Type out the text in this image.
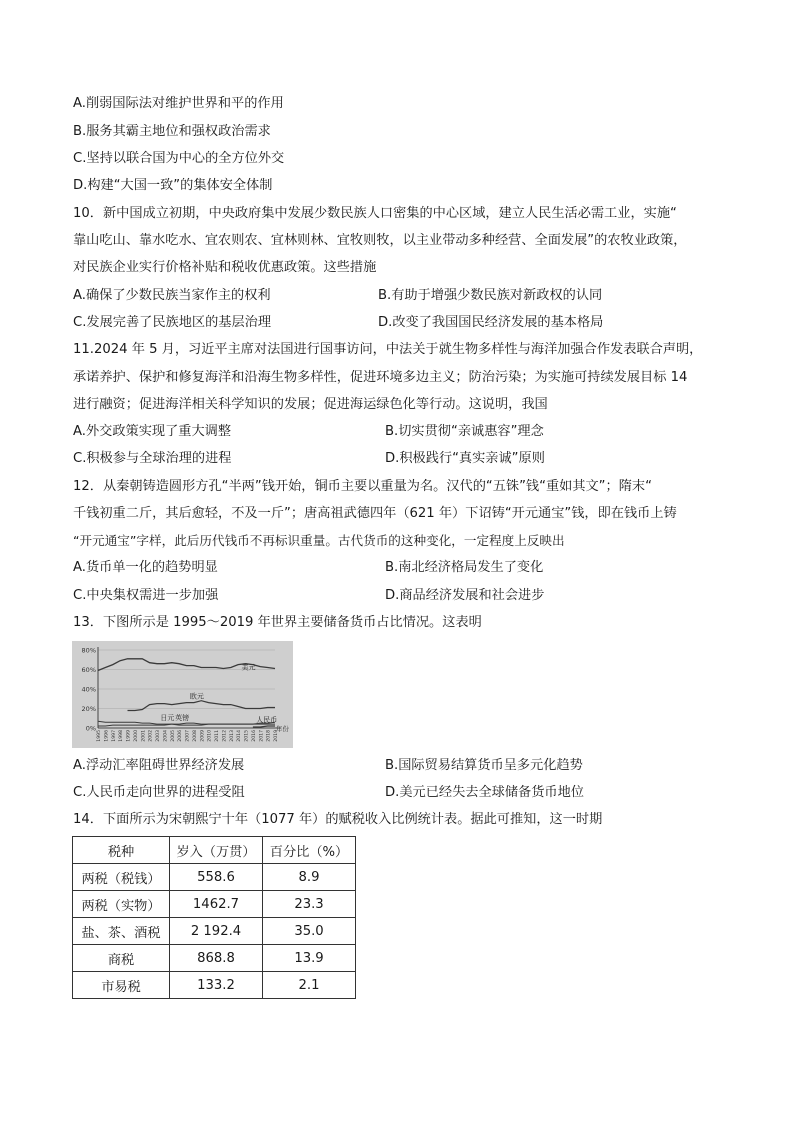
A.削弱国际法对维护世界和平的作用
B.服务其霸主地位和强权政治需求
C.坚持以联合国为中心的全方位外交
D.构建“大国一致”的集体安全体制
10．新中国成立初期，中央政府集中发展少数民族人口密集的中心区域，建立人民生活必需工业，实施“
靠山吃山、靠水吃水、宜农则农、宜林则林、宜牧则牧，以主业带动多种经营、全面发展”的农牧业政策，
对民族企业实行价格补贴和税收优惠政策。这些措施
A.确保了少数民族当家作主的权利	B.有助于增强少数民族对新政权的认同
C.发展完善了民族地区的基层治理	D.改变了我国国民经济发展的基本格局
11.2024 年 5 月，习近平主席对法国进行国事访问，中法关于就生物多样性与海洋加强合作发表联合声明，
承诺养护、保护和修复海洋和沿海生物多样性，促进环境多边主义；防治污染；为实施可持续发展目标 14
进行融资；促进海洋相关科学知识的发展；促进海运绿色化等行动。这说明，我国
A.外交政策实现了重大调整	B.切实贯彻“亲诚惠容”理念
C.积极参与全球治理的进程	D.积极践行“真实亲诚”原则
12．从秦朝铸造圆形方孔“半两”钱开始，铜币主要以重量为名。汉代的“五铢”钱“重如其文”；隋末“
千钱初重二斤，其后愈轻，不及一斤”；唐高祖武德四年（621 年）下诏铸“开元通宝”钱，即在钱币上铸
“开元通宝”字样，此后历代钱币不再标识重量。古代货币的这种变化，一定程度上反映出
A.货币单一化的趋势明显	B.南北经济格局发生了变化
C.中央集权需进一步加强	D.商品经济发展和社会进步
13．下图所示是 1995～2019 年世界主要储备货币占比情况。这表明
80%
60%
40%
20%
0%
1995 1996 1997 1998 1999 2000 2001 2002 2003 2004 2005 2006 2007 2008 2009 2010 2011 2012 2013 2014 2015 2016 2017 2018 2019
年份
美元
欧元
日元 英镑	人民币
A.浮动汇率阻碍世界经济发展	B.国际贸易结算货币呈多元化趋势
C.人民币走向世界的进程受阻	D.美元已经失去全球储备货币地位
14．下面所示为宋朝熙宁十年（1077 年）的赋税收入比例统计表。据此可推知，这一时期
税种	岁入（万贯）	百分比（%）
两税（税钱）	558.6	8.9
两税（实物）	1462.7	23.3
盐、茶、酒税	2 192.4	35.0
商税	868.8	13.9
市易税	133.2	2.1
